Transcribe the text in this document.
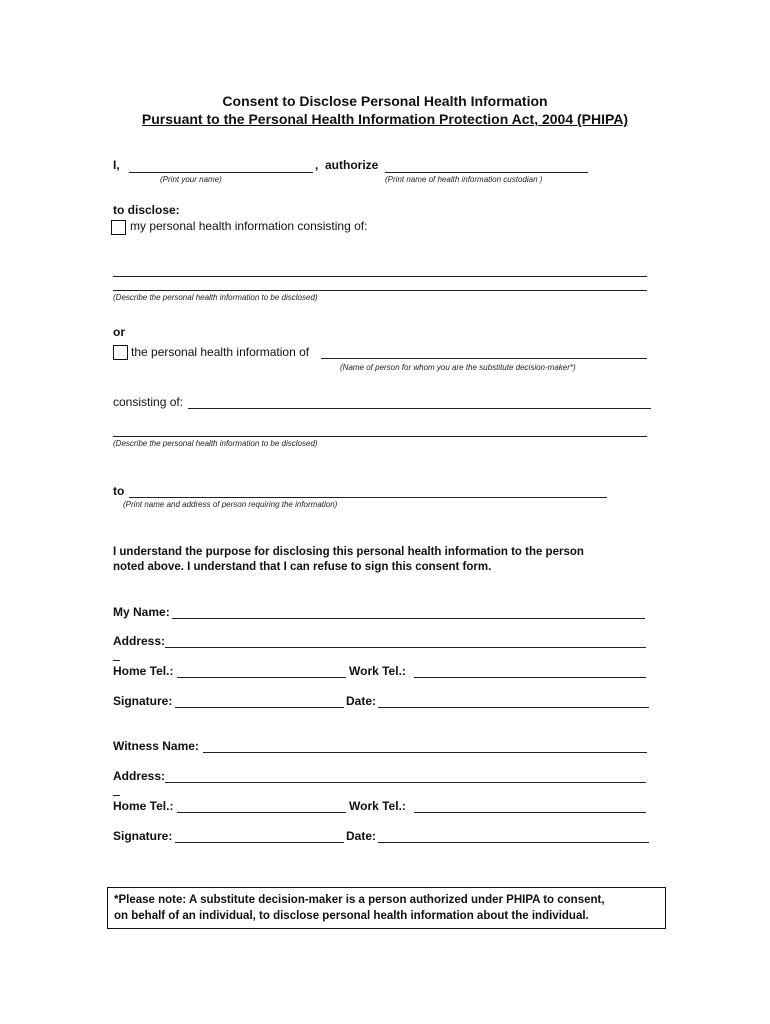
Consent to Disclose Personal Health Information
Pursuant to the Personal Health Information Protection Act, 2004 (PHIPA)
I,	, authorize
(Print your name)	(Print name of health information custodian )
to disclose:
my personal health information consisting of:
(Describe the personal health information to be disclosed)
or
the personal health information of
(Name of person for whom you are the substitute decision-maker*)
consisting of:
(Describe the personal health information to be disclosed)
to
(Print name and address of person requiring the information)
I understand the purpose for disclosing this personal health information to the person
noted above. I understand that I can refuse to sign this consent form.
My Name:
Address:
Home Tel.:	Work Tel.:
Signature:	Date:
Witness Name:
Address:
Home Tel.:	Work Tel.:
Signature:	Date:
*Please note: A substitute decision-maker is a person authorized under PHIPA to consent,
on behalf of an individual, to disclose personal health information about the individual.
